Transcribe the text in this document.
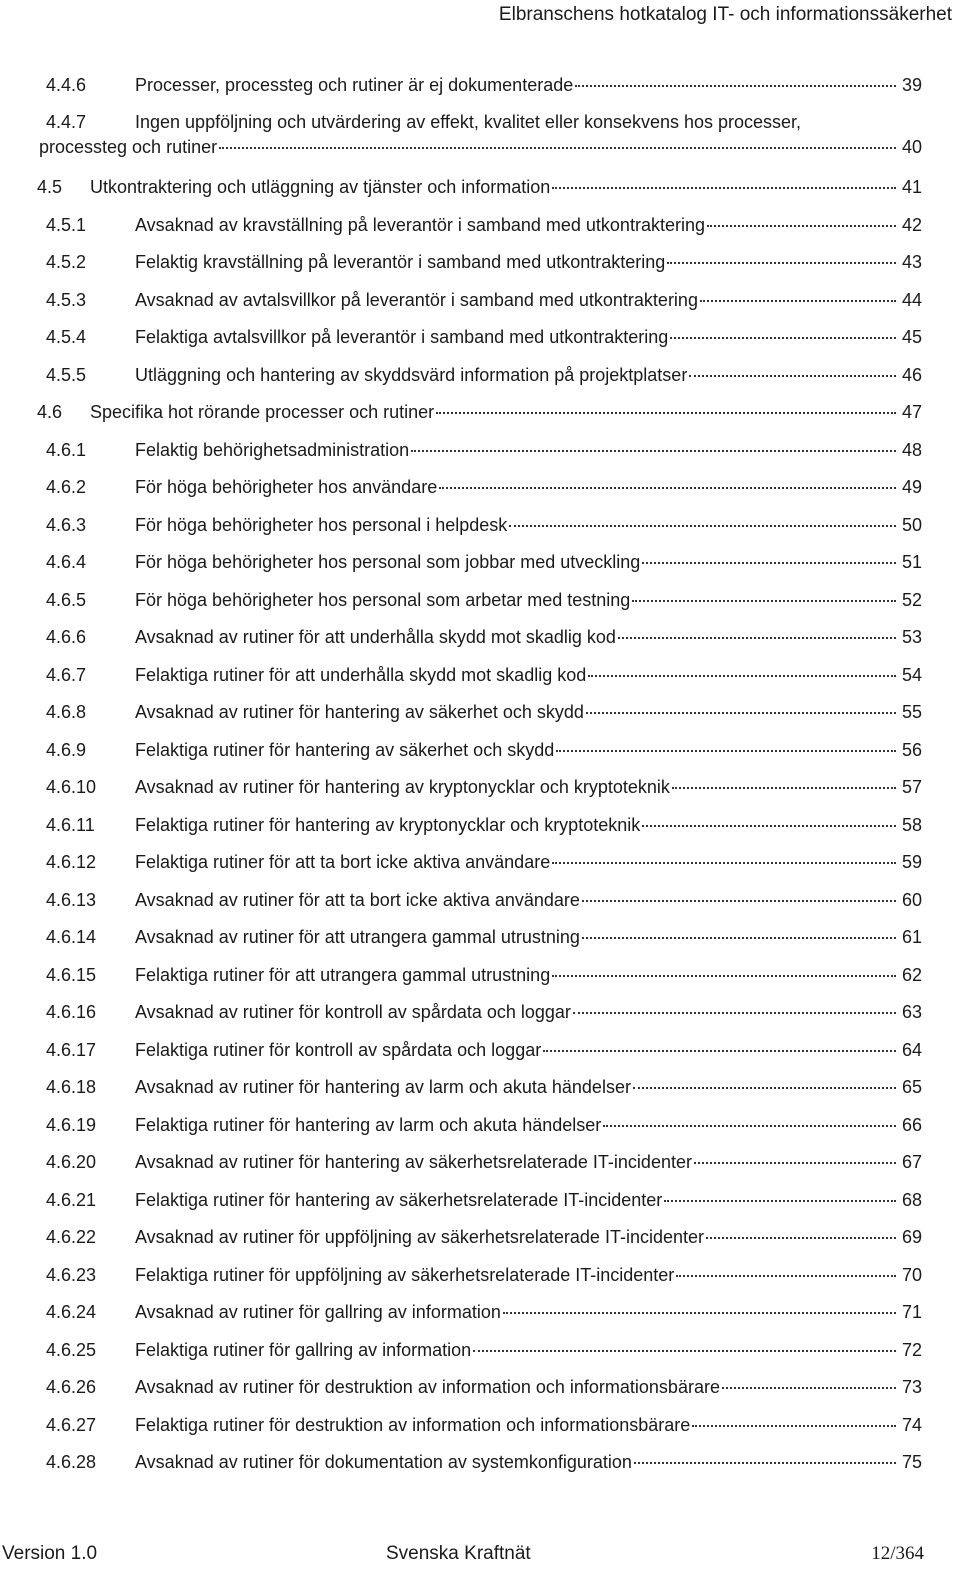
Elbranschens hotkatalog IT- och informationssäkerhet
4.4.6	Processer, processteg och rutiner är ej dokumenterade	39
4.4.7	Ingen uppföljning och utvärdering av effekt, kvalitet eller konsekvens hos processer,
processteg och rutiner	40
4.5	Utkontraktering och utläggning av tjänster och information	41
4.5.1	Avsaknad av kravställning på leverantör i samband med utkontraktering	42
4.5.2	Felaktig kravställning på leverantör i samband med utkontraktering	43
4.5.3	Avsaknad av avtalsvillkor på leverantör i samband med utkontraktering	44
4.5.4	Felaktiga avtalsvillkor på leverantör i samband med utkontraktering	45
4.5.5	Utläggning och hantering av skyddsvärd information på projektplatser	46
4.6	Specifika hot rörande processer och rutiner	47
4.6.1	Felaktig behörighetsadministration	48
4.6.2	För höga behörigheter hos användare	49
4.6.3	För höga behörigheter hos personal i helpdesk	50
4.6.4	För höga behörigheter hos personal som jobbar med utveckling	51
4.6.5	För höga behörigheter hos personal som arbetar med testning	52
4.6.6	Avsaknad av rutiner för att underhålla skydd mot skadlig kod	53
4.6.7	Felaktiga rutiner för att underhålla skydd mot skadlig kod	54
4.6.8	Avsaknad av rutiner för hantering av säkerhet och skydd	55
4.6.9	Felaktiga rutiner för hantering av säkerhet och skydd	56
4.6.10	Avsaknad av rutiner för hantering av kryptonycklar och kryptoteknik	57
4.6.11	Felaktiga rutiner för hantering av kryptonycklar och kryptoteknik	58
4.6.12	Felaktiga rutiner för att ta bort icke aktiva användare	59
4.6.13	Avsaknad av rutiner för att ta bort icke aktiva användare	60
4.6.14	Avsaknad av rutiner för att utrangera gammal utrustning	61
4.6.15	Felaktiga rutiner för att utrangera gammal utrustning	62
4.6.16	Avsaknad av rutiner för kontroll av spårdata och loggar	63
4.6.17	Felaktiga rutiner för kontroll av spårdata och loggar	64
4.6.18	Avsaknad av rutiner för hantering av larm och akuta händelser	65
4.6.19	Felaktiga rutiner för hantering av larm och akuta händelser	66
4.6.20	Avsaknad av rutiner för hantering av säkerhetsrelaterade IT-incidenter	67
4.6.21	Felaktiga rutiner för hantering av säkerhetsrelaterade IT-incidenter	68
4.6.22	Avsaknad av rutiner för uppföljning av säkerhetsrelaterade IT-incidenter	69
4.6.23	Felaktiga rutiner för uppföljning av säkerhetsrelaterade IT-incidenter	70
4.6.24	Avsaknad av rutiner för gallring av information	71
4.6.25	Felaktiga rutiner för gallring av information	72
4.6.26	Avsaknad av rutiner för destruktion av information och informationsbärare	73
4.6.27	Felaktiga rutiner för destruktion av information och informationsbärare	74
4.6.28	Avsaknad av rutiner för dokumentation av systemkonfiguration	75
Version 1.0	Svenska Kraftnät	12/364
